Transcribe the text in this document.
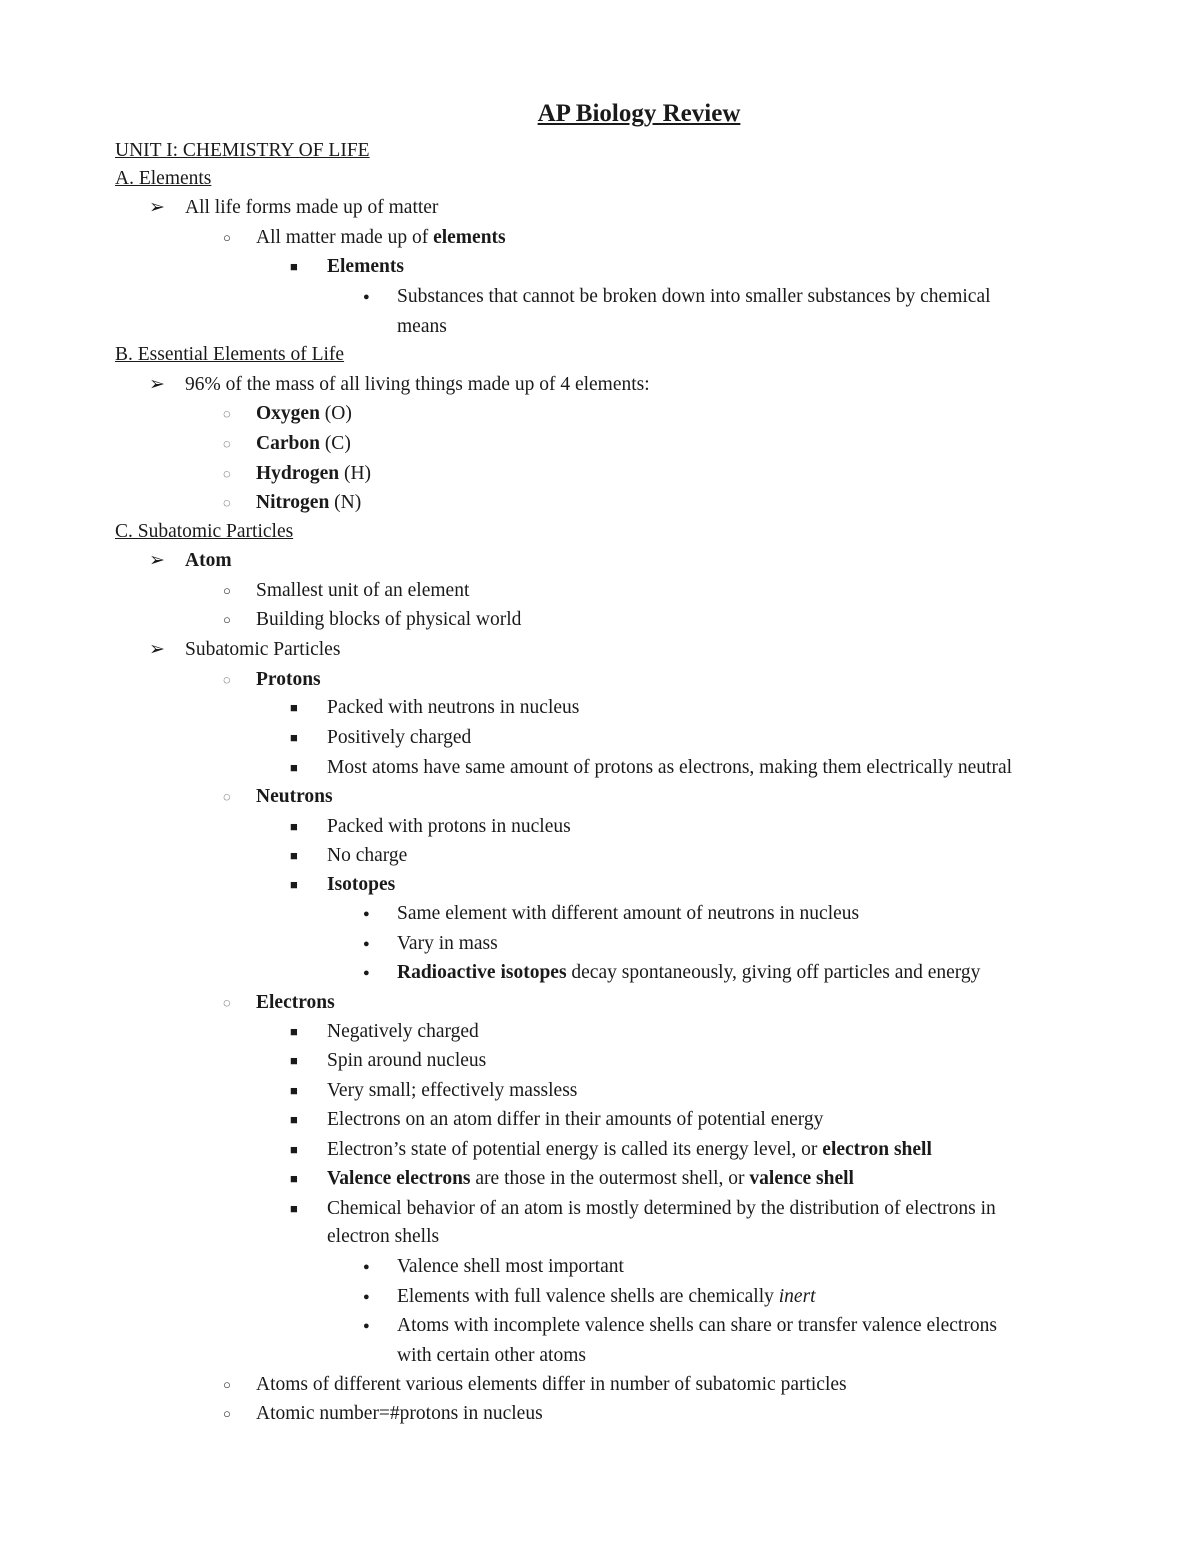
AP Biology Review
UNIT I: CHEMISTRY OF LIFE
A. Elements
➢ All life forms made up of matter
○ All matter made up of elements
■ Elements
● Substances that cannot be broken down into smaller substances by chemical
means
B. Essential Elements of Life
➢ 96% of the mass of all living things made up of 4 elements:
◌ Oxygen (O)
◌ Carbon (C)
◌ Hydrogen (H)
◌ Nitrogen (N)
C. Subatomic Particles
➢ Atom
○ Smallest unit of an element
○ Building blocks of physical world
➢ Subatomic Particles
◌ Protons
■ Packed with neutrons in nucleus
■ Positively charged
■ Most atoms have same amount of protons as electrons, making them electrically neutral
◌ Neutrons
■ Packed with protons in nucleus
■ No charge
■ Isotopes
● Same element with different amount of neutrons in nucleus
● Vary in mass
● Radioactive isotopes decay spontaneously, giving off particles and energy
◌ Electrons
■ Negatively charged
■ Spin around nucleus
■ Very small; effectively massless
■ Electrons on an atom differ in their amounts of potential energy
■ Electron’s state of potential energy is called its energy level, or electron shell
■ Valence electrons are those in the outermost shell, or valence shell
■ Chemical behavior of an atom is mostly determined by the distribution of electrons in
electron shells
● Valence shell most important
● Elements with full valence shells are chemically inert
● Atoms with incomplete valence shells can share or transfer valence electrons
with certain other atoms
○ Atoms of different various elements differ in number of subatomic particles
○ Atomic number=#protons in nucleus
